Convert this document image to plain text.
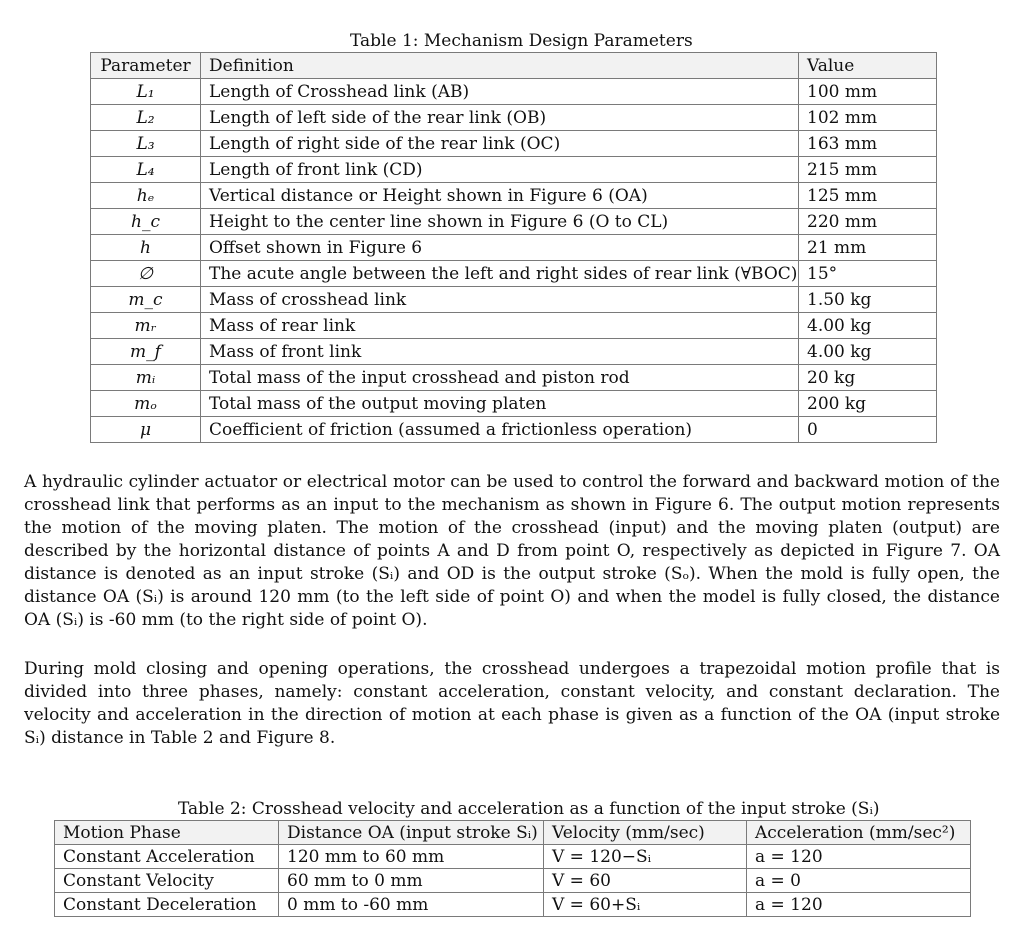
Table 1: Mechanism Design Parameters
Parameter	Definition	Value
L₁	Length of Crosshead link (AB)	100 mm
L₂	Length of left side of the rear link (OB)	102 mm
L₃	Length of right side of the rear link (OC)	163 mm
L₄	Length of front link (CD)	215 mm
hₑ	Vertical distance or Height shown in Figure 6 (OA)	125 mm
h_c	Height to the center line shown in Figure 6 (O to CL)	220 mm
h	Offset shown in Figure 6	21 mm
∅	The acute angle between the left and right sides of rear link (∀BOC)	15°
m_c	Mass of crosshead link	1.50 kg
mᵣ	Mass of rear link	4.00 kg
m_f	Mass of front link	4.00 kg
mᵢ	Total mass of the input crosshead and piston rod	20 kg
mₒ	Total mass of the output moving platen	200 kg
μ	Coefficient of friction (assumed a frictionless operation)	0

A hydraulic cylinder actuator or electrical motor can be used to control the forward and backward motion of the crosshead link that performs as an input to the mechanism as shown in Figure 6. The output motion represents the motion of the moving platen. The motion of the crosshead (input) and the moving platen (output) are described by the horizontal distance of points A and D from point O, respectively as depicted in Figure 7. OA distance is denoted as an input stroke (Sᵢ) and OD is the output stroke (Sₒ). When the mold is fully open, the distance OA (Sᵢ) is around 120 mm (to the left side of point O) and when the model is fully closed, the distance OA (Sᵢ) is -60 mm (to the right side of point O).

During mold closing and opening operations, the crosshead undergoes a trapezoidal motion profile that is divided into three phases, namely: constant acceleration, constant velocity, and constant declaration. The velocity and acceleration in the direction of motion at each phase is given as a function of the OA (input stroke Sᵢ) distance in Table 2 and Figure 8.

Table 2: Crosshead velocity and acceleration as a function of the input stroke (Sᵢ)
Motion Phase	Distance OA (input stroke Sᵢ)	Velocity (mm/sec)	Acceleration (mm/sec²)
Constant Acceleration	120 mm to 60 mm	V = 120−Sᵢ	a = 120
Constant Velocity	60 mm to 0 mm	V = 60	a = 0
Constant Deceleration	0 mm to -60 mm	V = 60+Sᵢ	a = 120
